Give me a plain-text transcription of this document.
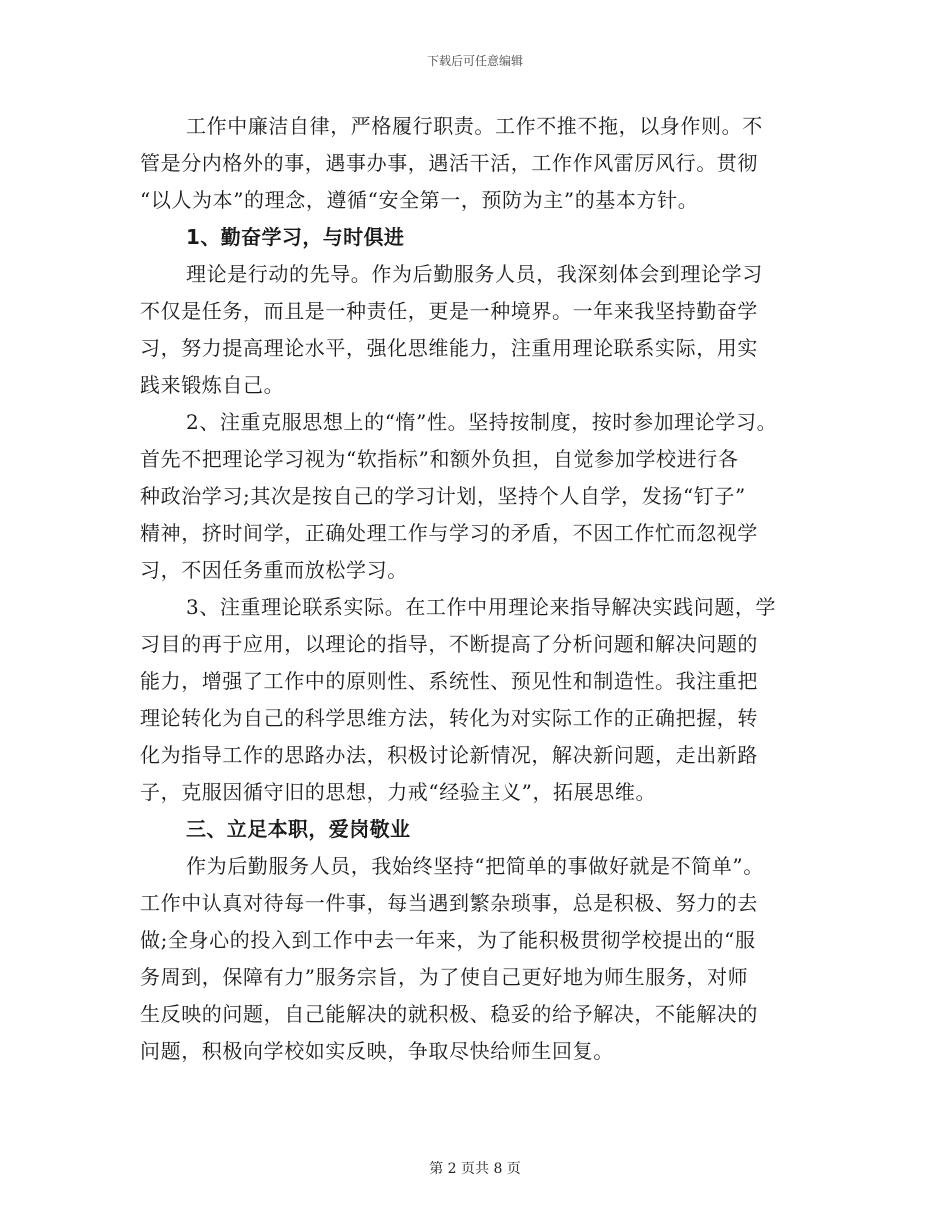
下载后可任意编辑
工作中廉洁自律，严格履行职责。工作不推不拖，以身作则。不
管是分内格外的事，遇事办事，遇活干活，工作作风雷厉风行。贯彻
“以人为本”的理念，遵循“安全第一，预防为主”的基本方针。
1、勤奋学习，与时俱进
理论是行动的先导。作为后勤服务人员，我深刻体会到理论学习
不仅是任务，而且是一种责任，更是一种境界。一年来我坚持勤奋学
习，努力提高理论水平，强化思维能力，注重用理论联系实际，用实
践来锻炼自己。
2、注重克服思想上的“惰”性。坚持按制度，按时参加理论学习。
首先不把理论学习视为“软指标”和额外负担，自觉参加学校进行各
种政治学习;其次是按自己的学习计划，坚持个人自学，发扬“钉子”
精神，挤时间学，正确处理工作与学习的矛盾，不因工作忙而忽视学
习，不因任务重而放松学习。
3、注重理论联系实际。在工作中用理论来指导解决实践问题，学
习目的再于应用，以理论的指导，不断提高了分析问题和解决问题的
能力，增强了工作中的原则性、系统性、预见性和制造性。我注重把
理论转化为自己的科学思维方法，转化为对实际工作的正确把握，转
化为指导工作的思路办法，积极讨论新情况，解决新问题，走出新路
子，克服因循守旧的思想，力戒“经验主义”，拓展思维。
三、立足本职，爱岗敬业
作为后勤服务人员，我始终坚持“把简单的事做好就是不简单”。
工作中认真对待每一件事，每当遇到繁杂琐事，总是积极、努力的去
做;全身心的投入到工作中去一年来，为了能积极贯彻学校提出的“服
务周到，保障有力”服务宗旨，为了使自己更好地为师生服务，对师
生反映的问题，自己能解决的就积极、稳妥的给予解决，不能解决的
问题，积极向学校如实反映，争取尽快给师生回复。
第 2 页共 8 页
